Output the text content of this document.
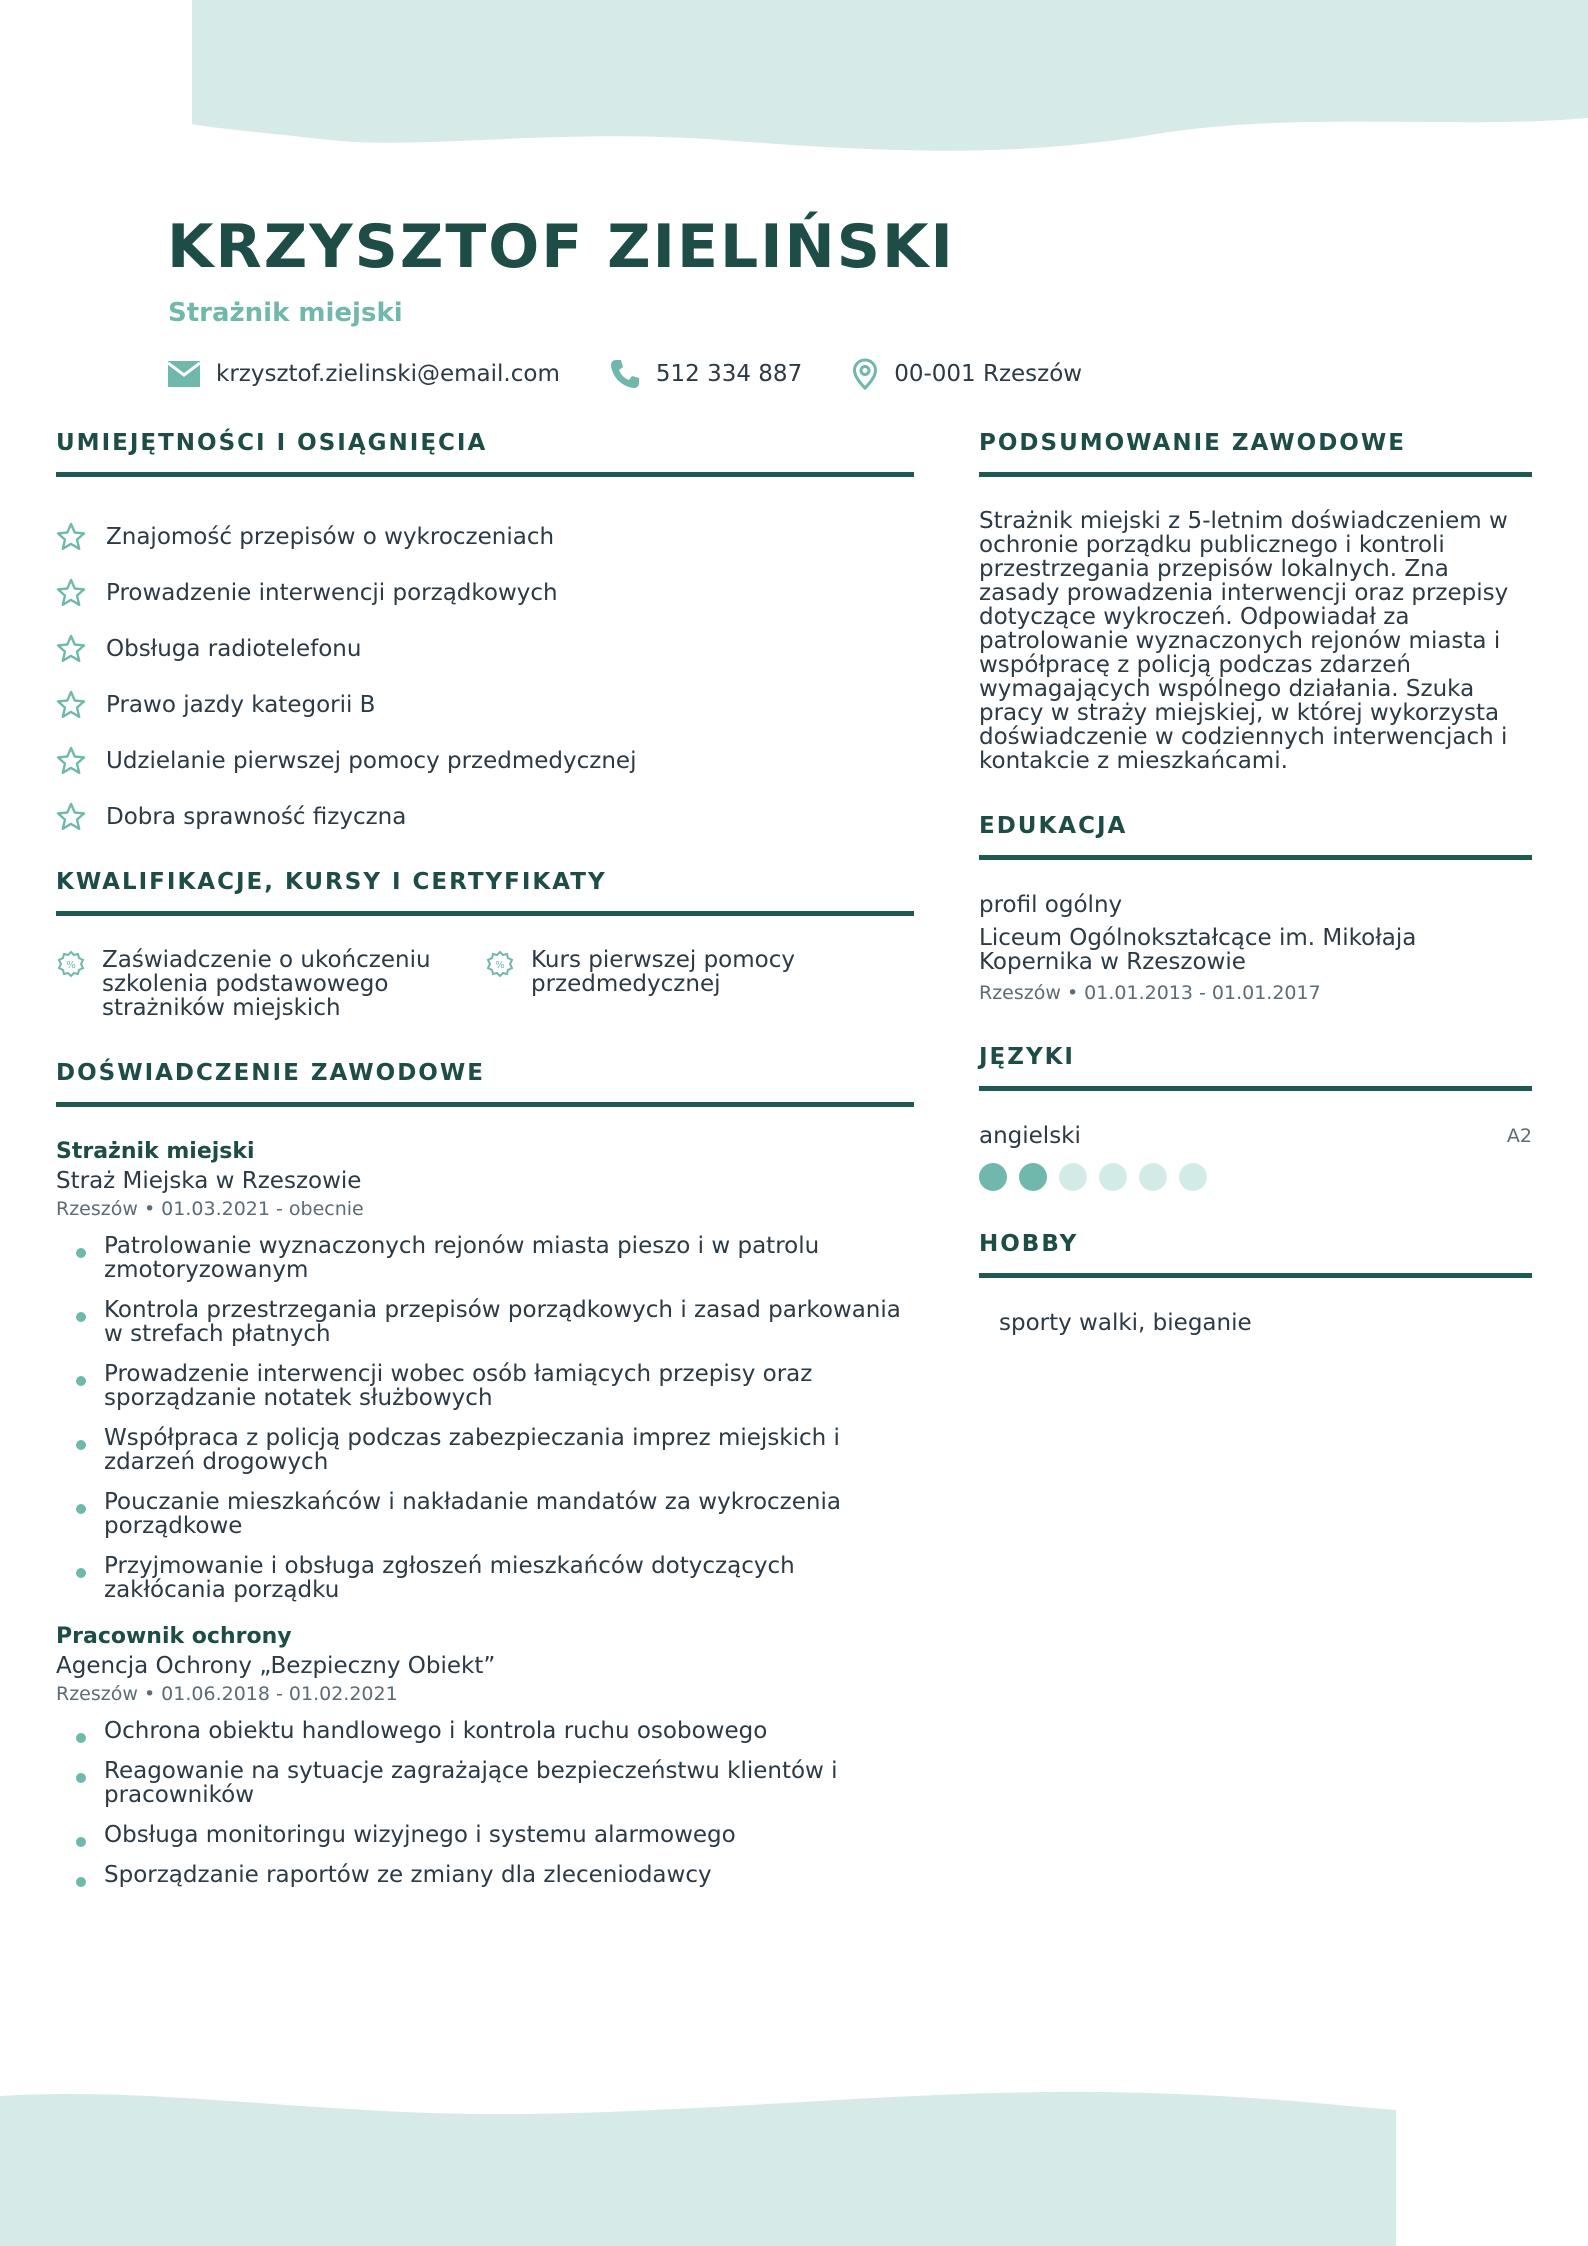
KRZYSZTOF ZIELIŃSKI
Strażnik miejski
krzysztof.zielinski@email.com	512 334 887	00-001 Rzeszów
UMIEJĘTNOŚCI I OSIĄGNIĘCIA
Znajomość przepisów o wykroczeniach
Prowadzenie interwencji porządkowych
Obsługa radiotelefonu
Prawo jazdy kategorii B
Udzielanie pierwszej pomocy przedmedycznej
Dobra sprawność fizyczna
KWALIFIKACJE, KURSY I CERTYFIKATY
% Zaświadczenie o ukończeniu szkolenia podstawowego strażników miejskich
% Kurs pierwszej pomocy przedmedycznej
DOŚWIADCZENIE ZAWODOWE
Strażnik miejski
Straż Miejska w Rzeszowie
Rzeszów • 01.03.2021 - obecnie
Patrolowanie wyznaczonych rejonów miasta pieszo i w patrolu zmotoryzowanym
Kontrola przestrzegania przepisów porządkowych i zasad parkowania w strefach płatnych
Prowadzenie interwencji wobec osób łamiących przepisy oraz sporządzanie notatek służbowych
Współpraca z policją podczas zabezpieczania imprez miejskich i zdarzeń drogowych
Pouczanie mieszkańców i nakładanie mandatów za wykroczenia porządkowe
Przyjmowanie i obsługa zgłoszeń mieszkańców dotyczących zakłócania porządku
Pracownik ochrony
Agencja Ochrony „Bezpieczny Obiekt”
Rzeszów • 01.06.2018 - 01.02.2021
Ochrona obiektu handlowego i kontrola ruchu osobowego
Reagowanie na sytuacje zagrażające bezpieczeństwu klientów i pracowników
Obsługa monitoringu wizyjnego i systemu alarmowego
Sporządzanie raportów ze zmiany dla zleceniodawcy
PODSUMOWANIE ZAWODOWE

Strażnik miejski z 5-letnim doświadczeniem w ochronie porządku publicznego i kontroli przestrzegania przepisów lokalnych. Zna zasady prowadzenia interwencji oraz przepisy dotyczące wykroczeń. Odpowiadał za patrolowanie wyznaczonych rejonów miasta i współpracę z policją podczas zdarzeń wymagających wspólnego działania. Szuka pracy w straży miejskiej, w której wykorzysta doświadczenie w codziennych interwencjach i kontakcie z mieszkańcami.

EDUKACJA
profil ogólny
Liceum Ogólnokształcące im. Mikołaja Kopernika w Rzeszowie
Rzeszów • 01.01.2013 - 01.01.2017
JĘZYKI
angielski	A2
HOBBY
sporty walki, bieganie
